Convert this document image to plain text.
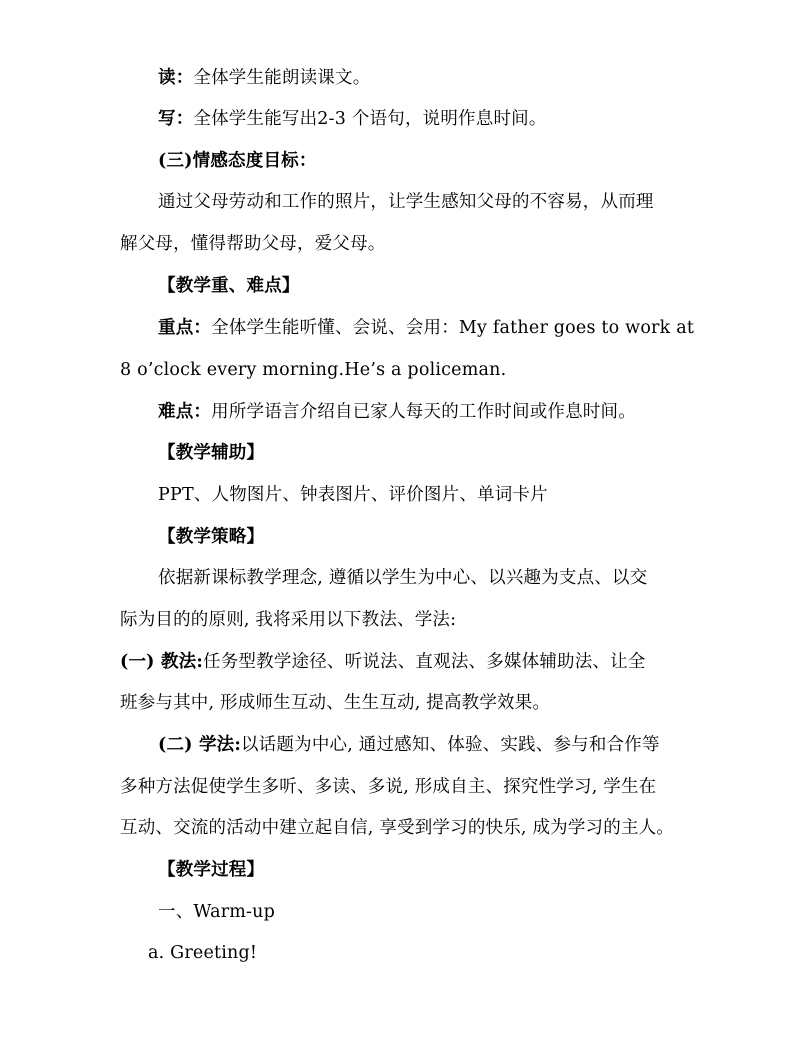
读：全体学生能朗读课文。
写：全体学生能写出2-3 个语句，说明作息时间。
(三)情感态度目标：
通过父母劳动和工作的照片，让学生感知父母的不容易，从而理
解父母，懂得帮助父母，爱父母。
【教学重、难点】
重点：全体学生能听懂、会说、会用：My father goes to work at
8 o’clock every morning.He’s a policeman.
难点：用所学语言介绍自已家人每天的工作时间或作息时间。
【教学辅助】
PPT、人物图片、钟表图片、评价图片、单词卡片
【教学策略】
依据新课标教学理念, 遵循以学生为中心、以兴趣为支点、以交
际为目的的原则, 我将采用以下教法、学法:
(一) 教法:任务型教学途径、听说法、直观法、多媒体辅助法、让全
班参与其中, 形成师生互动、生生互动, 提高教学效果。
(二) 学法:以话题为中心, 通过感知、体验、实践、参与和合作等
多种方法促使学生多听、多读、多说, 形成自主、探究性学习, 学生在
互动、交流的活动中建立起自信, 享受到学习的快乐, 成为学习的主人。
【教学过程】
一、Warm-up
a. Greeting!
